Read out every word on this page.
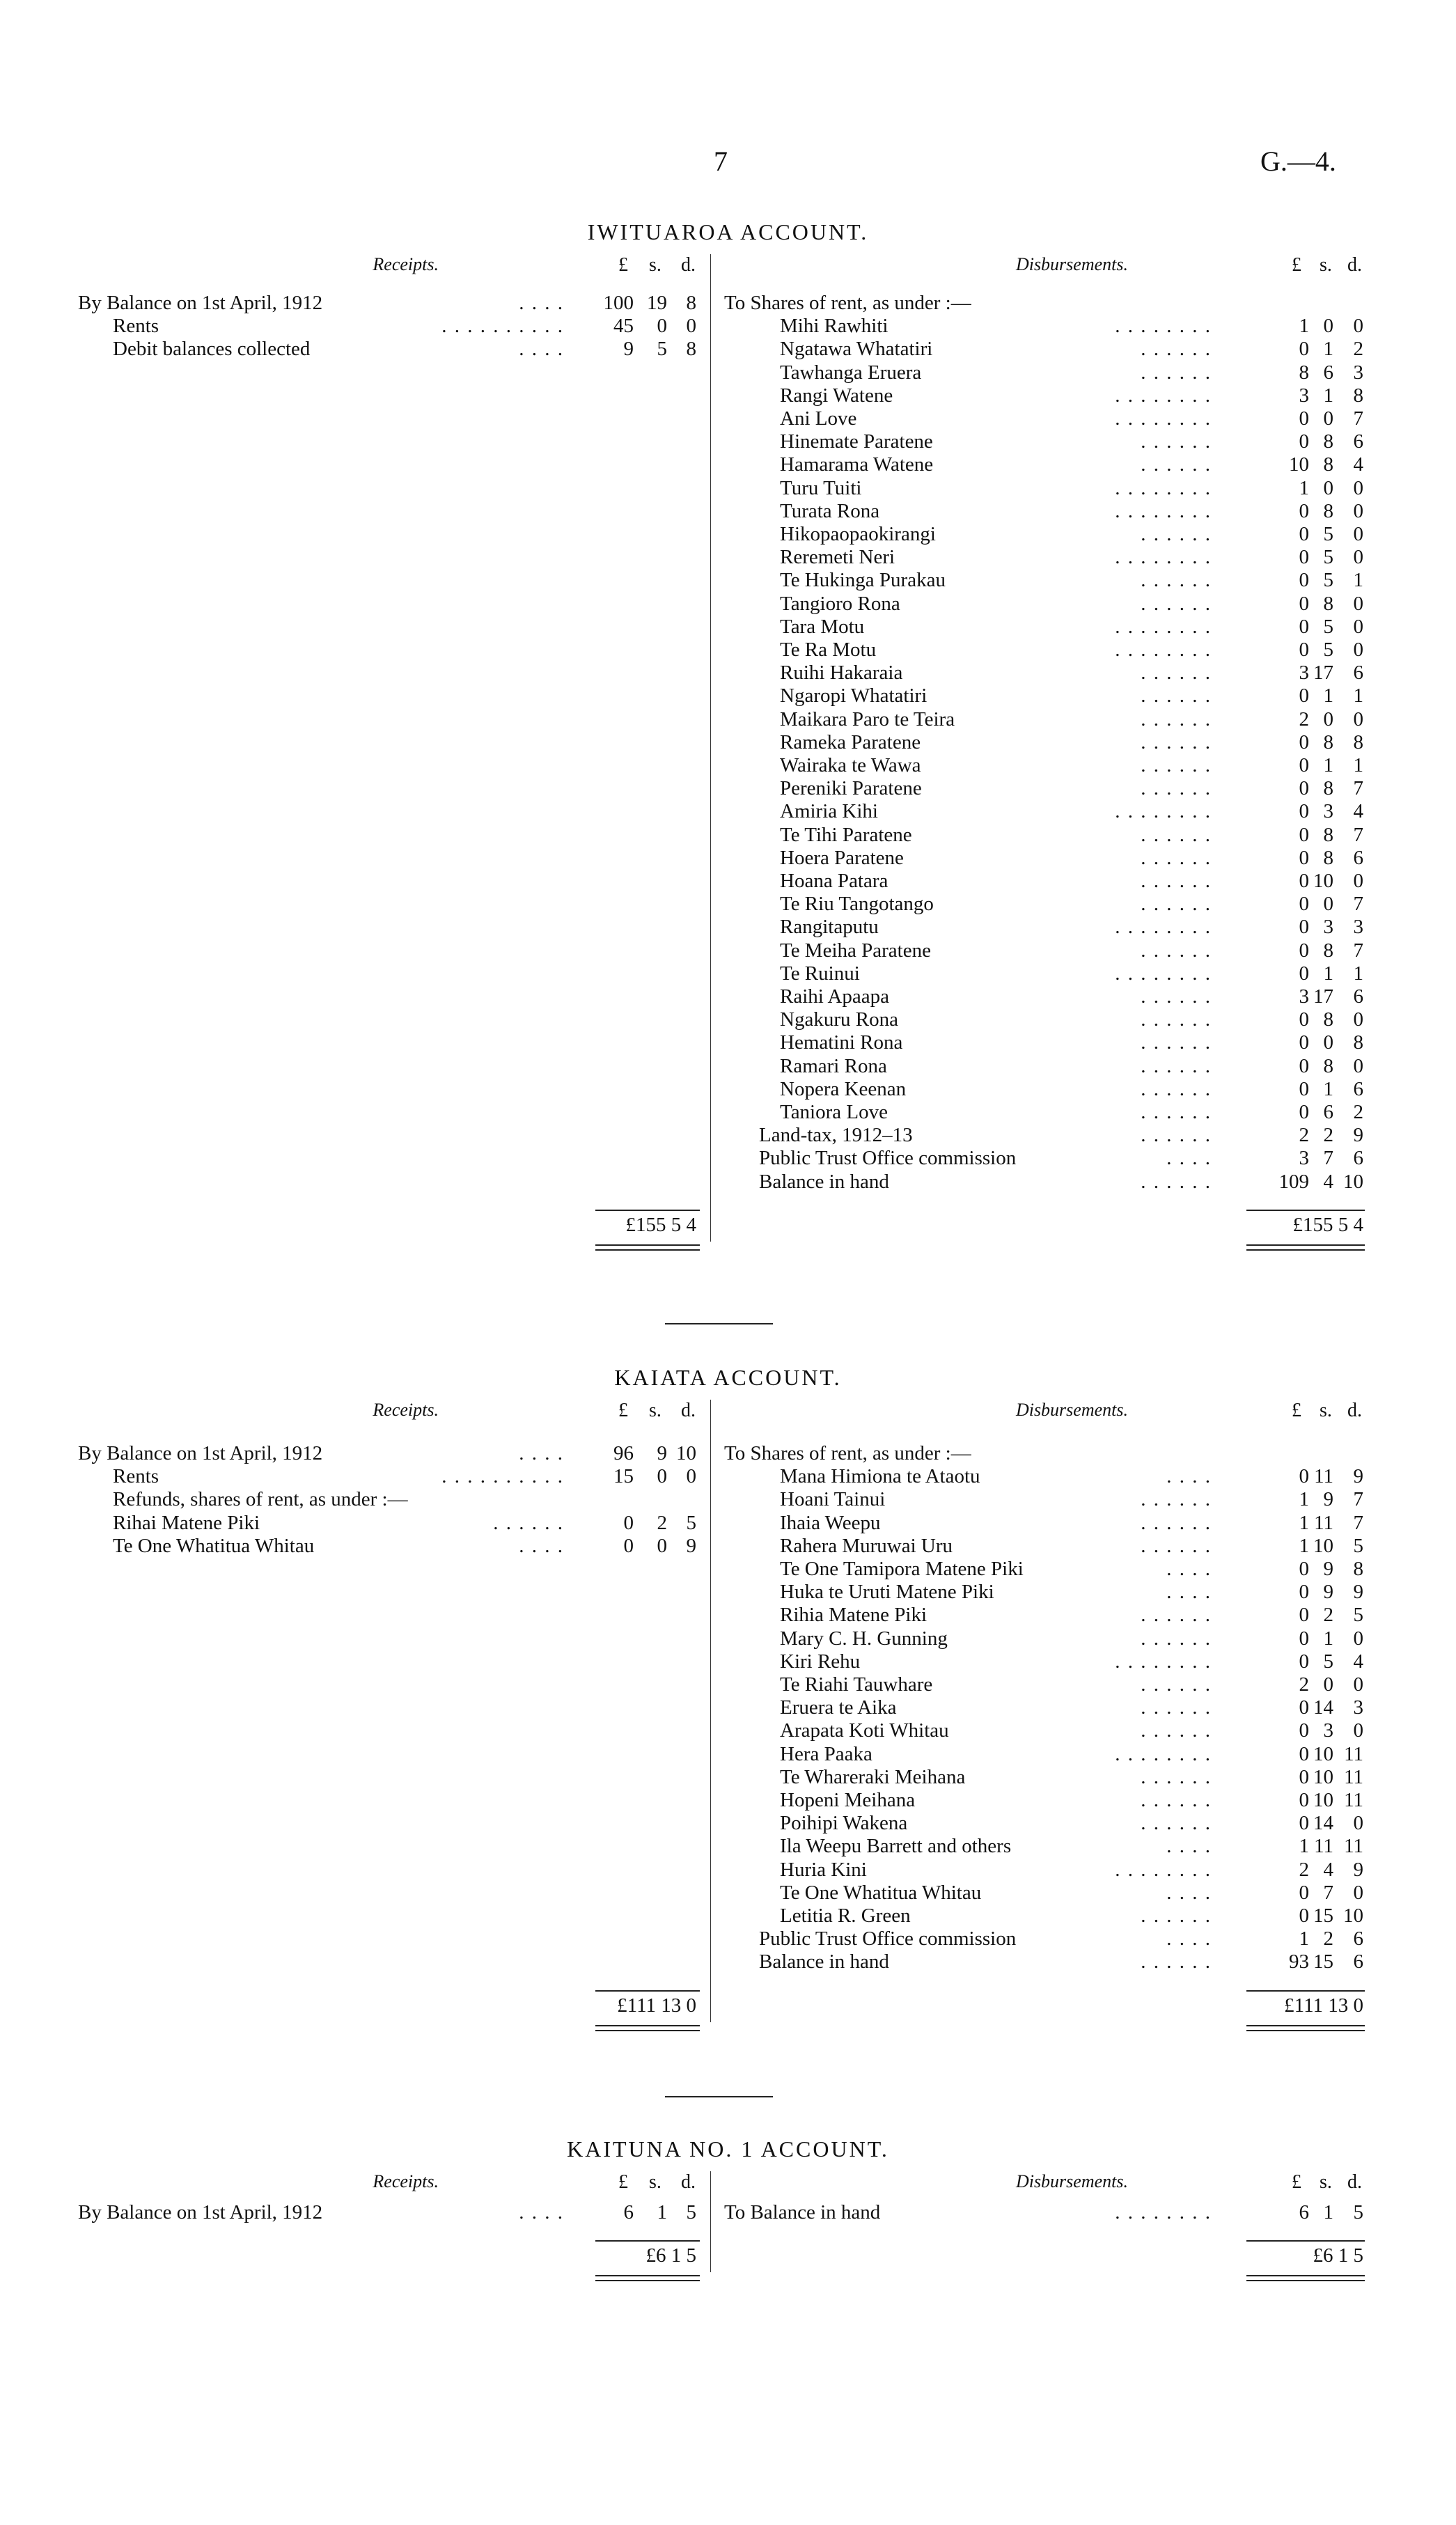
7	G.—4.
IWITUAROA ACCOUNT.
Receipts.	Disbursements.
£ s. d.	£ s. d.
By Balance on 1st April, 1912	. . . . 100 19 8
Rents	. . . . . . . . . . 45 0 0
Debit balances collected	. . . .	9 5 8
To Shares of rent, as under :—
Mihi Rawhiti	. . . . . . . .	1 0 0
Ngatawa Whatatiri	. . . . . .	0 1 2
Tawhanga Eruera	. . . . . .	8 6 3
Rangi Watene	. . . . . . . .	3 1 8
Ani Love	. . . . . . . .	0 0 7
Hinemate Paratene	. . . . . .	0 8 6
Hamarama Watene	. . . . . .	10 8 4
Turu Tuiti	. . . . . . . .	1 0 0
Turata Rona	. . . . . . . .	0 8 0
Hikopaopaokirangi	. . . . . .	0 5 0
Reremeti Neri	. . . . . . . .	0 5 0
Te Hukinga Purakau	. . . . . .	0 5 1
Tangioro Rona	. . . . . .	0 8 0
Tara Motu	. . . . . . . .	0 5 0
Te Ra Motu	. . . . . . . .	0 5 0
Ruihi Hakaraia	. . . . . .	3 17 6
Ngaropi Whatatiri	. . . . . .	0 1 1
Maikara Paro te Teira	. . . . . .	2 0 0
Rameka Paratene	. . . . . .	0 8 8
Wairaka te Wawa	. . . . . .	0 1 1
Pereniki Paratene	. . . . . .	0 8 7
Amiria Kihi	. . . . . . . .	0 3 4
Te Tihi Paratene	. . . . . .	0 8 7
Hoera Paratene	. . . . . .	0 8 6
Hoana Patara	. . . . . .	0 10 0
Te Riu Tangotango	. . . . . .	0 0 7
Rangitaputu	. . . . . . . .	0 3 3
Te Meiha Paratene	. . . . . .	0 8 7
Te Ruinui	. . . . . . . .	0 1 1
Raihi Apaapa	. . . . . .	3 17 6
Ngakuru Rona	. . . . . .	0 8 0
Hematini Rona	. . . . . .	0 0 8
Ramari Rona	. . . . . .	0 8 0
Nopera Keenan	. . . . . .	0 1 6
Taniora Love	. . . . . .	0 6 2
Land-tax, 1912–13	. . . . . .	2 2 9
Public Trust Office commission	. . . .	3 7 6
Balance in hand	. . . . . .	109 4 10
£155 5 4	£155 5 4
KAIATA ACCOUNT.
Receipts.	Disbursements.
£ s. d.	£ s. d.
By Balance on 1st April, 1912	. . . . 96 9 10
Rents	. . . . . . . . . . 15 0 0
Refunds, shares of rent, as under :—
Rihai Matene Piki	. . . . . .	0 2 5
Te One Whatitua Whitau	. . . .	0 0 9
To Shares of rent, as under :—
Mana Himiona te Ataotu	. . . .	0 11 9
Hoani Tainui	. . . . . .	1 9 7
Ihaia Weepu	. . . . . .	1 11 7
Rahera Muruwai Uru	. . . . . .	1 10 5
Te One Tamipora Matene Piki	. . . .	0 9 8
Huka te Uruti Matene Piki	. . . .	0 9 9
Rihia Matene Piki	. . . . . .	0 2 5
Mary C. H. Gunning	. . . . . .	0 1 0
Kiri Rehu	. . . . . . . .	0 5 4
Te Riahi Tauwhare	. . . . . .	2 0 0
Eruera te Aika	. . . . . .	0 14 3
Arapata Koti Whitau	. . . . . .	0 3 0
Hera Paaka	. . . . . . . .	0 10 11
Te Whareraki Meihana	. . . . . .	0 10 11
Hopeni Meihana	. . . . . .	0 10 11
Poihipi Wakena	. . . . . .	0 14 0
Ila Weepu Barrett and others	. . . .	1 11 11
Huria Kini	. . . . . . . .	2 4 9
Te One Whatitua Whitau	. . . .	0 7 0
Letitia R. Green	. . . . . .	0 15 10
Public Trust Office commission	. . . .	1 2 6
Balance in hand	. . . . . .	93 15 6
£111 13 0	£111 13 0
KAITUNA NO. 1 ACCOUNT.
Receipts.	Disbursements.
£ s. d.	£ s. d.
By Balance on 1st April, 1912	. . . .	6 1 5 To Balance in hand	. . . . . . . .	6 1 5
£6 1 5	£6 1 5
